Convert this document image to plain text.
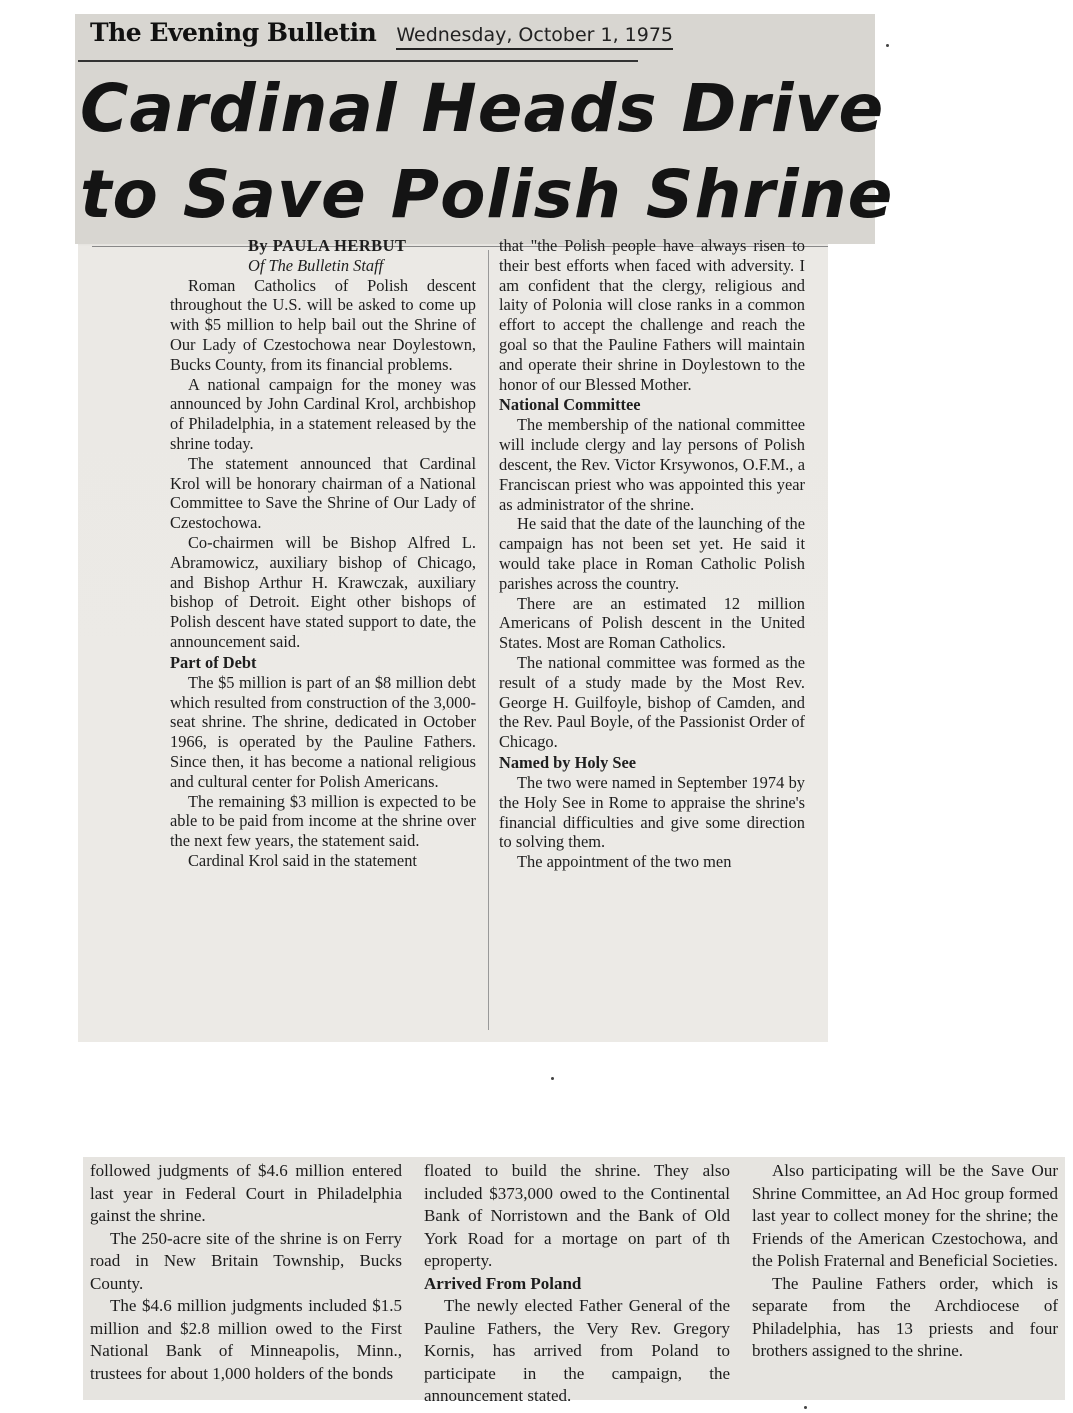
The Evening Bulletin Wednesday, October 1, 1975
Cardinal Heads Drive
to Save Polish Shrine

By PAULA HERBUT

Of The Bulletin Staff

Roman Catholics of Polish descent throughout the U.S. will be asked to come up with $5 million to help bail out the Shrine of Our Lady of Czestochowa near Doylestown, Bucks County, from its financial problems.

A national campaign for the money was announced by John Cardinal Krol, archbishop of Philadelphia, in a statement released by the shrine today.

The statement announced that Cardinal Krol will be honorary chairman of a National Committee to Save the Shrine of Our Lady of Czestochowa.

Co-chairmen will be Bishop Alfred L. Abramowicz, auxiliary bishop of Chicago, and Bishop Arthur H. Krawczak, auxiliary bishop of Detroit. Eight other bishops of Polish descent have stated support to date, the announcement said.

Part of Debt

The $5 million is part of an $8 million debt which resulted from construction of the 3,000-seat shrine. The shrine, dedicated in October 1966, is operated by the Pauline Fathers. Since then, it has become a national religious and cultural center for Polish Americans.

The remaining $3 million is expected to be able to be paid from income at the shrine over the next few years, the statement said.

Cardinal Krol said in the statement

that "the Polish people have always risen to their best efforts when faced with adversity. I am confident that the clergy, religious and laity of Polonia will close ranks in a common effort to accept the challenge and reach the goal so that the Pauline Fathers will maintain and operate their shrine in Doylestown to the honor of our Blessed Mother.

National Committee

The membership of the national committee will include clergy and lay persons of Polish descent, the Rev. Victor Krsywonos, O.F.M., a Franciscan priest who was appointed this year as administrator of the shrine.

He said that the date of the launching of the campaign has not been set yet. He said it would take place in Roman Catholic Polish parishes across the country.

There are an estimated 12 million Americans of Polish descent in the United States. Most are Roman Catholics.

The national committee was formed as the result of a study made by the Most Rev. George H. Guilfoyle, bishop of Camden, and the Rev. Paul Boyle, of the Passionist Order of Chicago.

Named by Holy See

The two were named in September 1974 by the Holy See in Rome to appraise the shrine's financial difficulties and give some direction to solving them.

The appointment of the two men

followed judgments of $4.6 million entered last year in Federal Court in Philadelphia gainst the shrine.

The 250-acre site of the shrine is on Ferry road in New Britain Township, Bucks County.

The $4.6 million judgments included $1.5 million and $2.8 million owed to the First National Bank of Minneapolis, Minn., trustees for about 1,000 holders of the bonds

floated to build the shrine. They also included $373,000 owed to the Continental Bank of Norristown and the Bank of Old York Road for a mortage on part of th eproperty.

Arrived From Poland

The newly elected Father General of the Pauline Fathers, the Very Rev. Gregory Kornis, has arrived from Poland to participate in the campaign, the announcement stated.

Also participating will be the Save Our Shrine Committee, an Ad Hoc group formed last year to collect money for the shrine; the Friends of the American Czestochowa, and the Polish Fraternal and Beneficial Societies.

The Pauline Fathers order, which is separate from the Archdiocese of Philadelphia, has 13 priests and four brothers assigned to the shrine.
